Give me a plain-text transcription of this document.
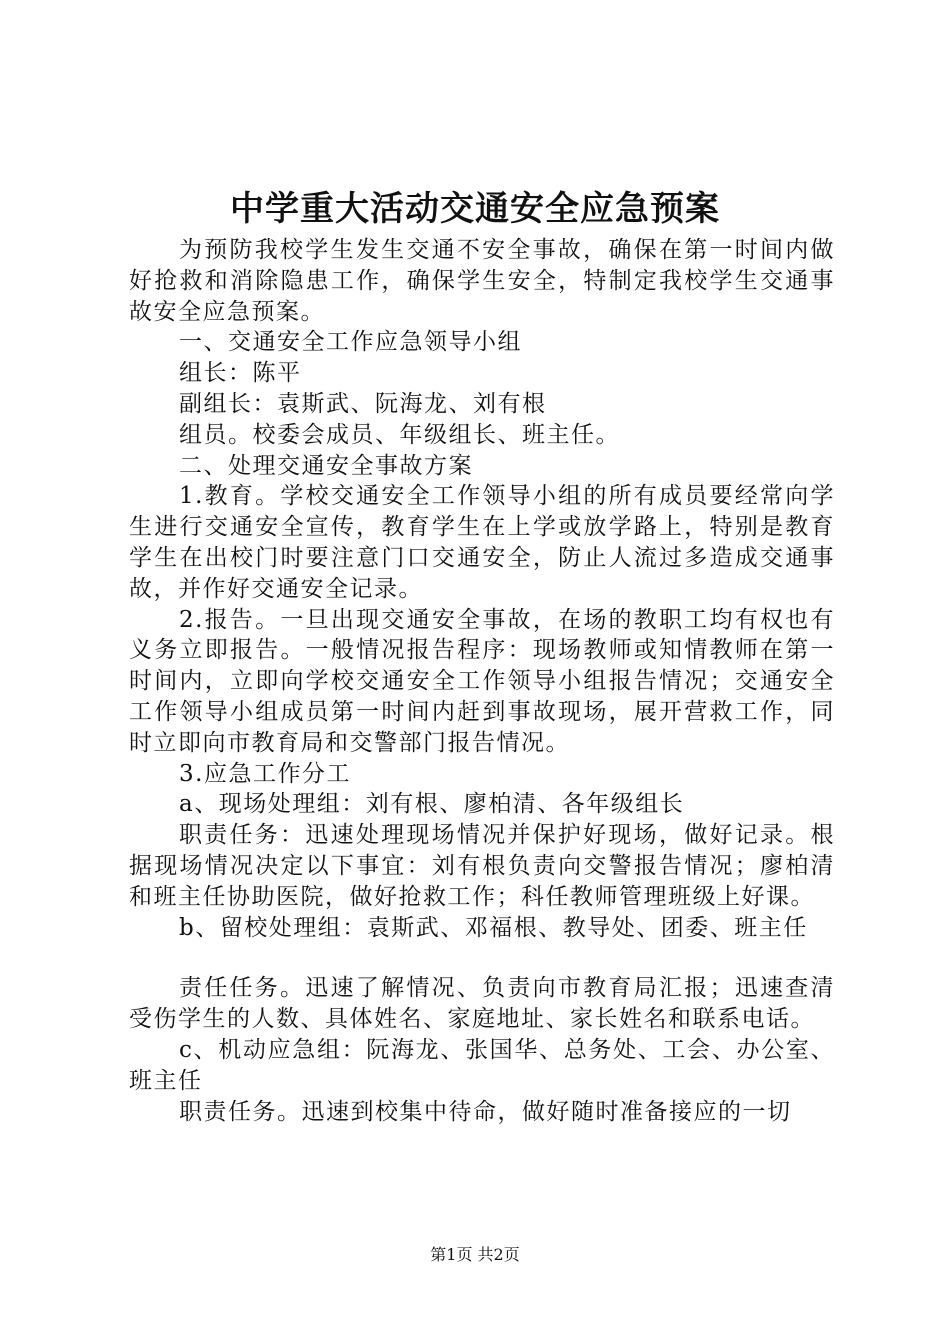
中学重大活动交通安全应急预案

为预防我校学生发生交通不安全事故，确保在第一时间内做好抢救和消除隐患工作，确保学生安全，特制定我校学生交通事故安全应急预案。

一、交通安全工作应急领导小组

组长：陈平

副组长：袁斯武、阮海龙、刘有根

组员。校委会成员、年级组长、班主任。

二、处理交通安全事故方案

1.教育。学校交通安全工作领导小组的所有成员要经常向学生进行交通安全宣传，教育学生在上学或放学路上，特别是教育学生在出校门时要注意门口交通安全，防止人流过多造成交通事故，并作好交通安全记录。

2.报告。一旦出现交通安全事故，在场的教职工均有权也有义务立即报告。一般情况报告程序：现场教师或知情教师在第一时间内，立即向学校交通安全工作领导小组报告情况；交通安全工作领导小组成员第一时间内赶到事故现场，展开营救工作，同时立即向市教育局和交警部门报告情况。

3.应急工作分工

a、现场处理组：刘有根、廖柏清、各年级组长

职责任务：迅速处理现场情况并保护好现场，做好记录。根据现场情况决定以下事宜：刘有根负责向交警报告情况；廖柏清和班主任协助医院，做好抢救工作；科任教师管理班级上好课。

b、留校处理组：袁斯武、邓福根、教导处、团委、班主任

责任任务。迅速了解情况、负责向市教育局汇报；迅速查清受伤学生的人数、具体姓名、家庭地址、家长姓名和联系电话。

c、机动应急组：阮海龙、张国华、总务处、工会、办公室、班主任

职责任务。迅速到校集中待命，做好随时准备接应的一切

第1页 共2页
